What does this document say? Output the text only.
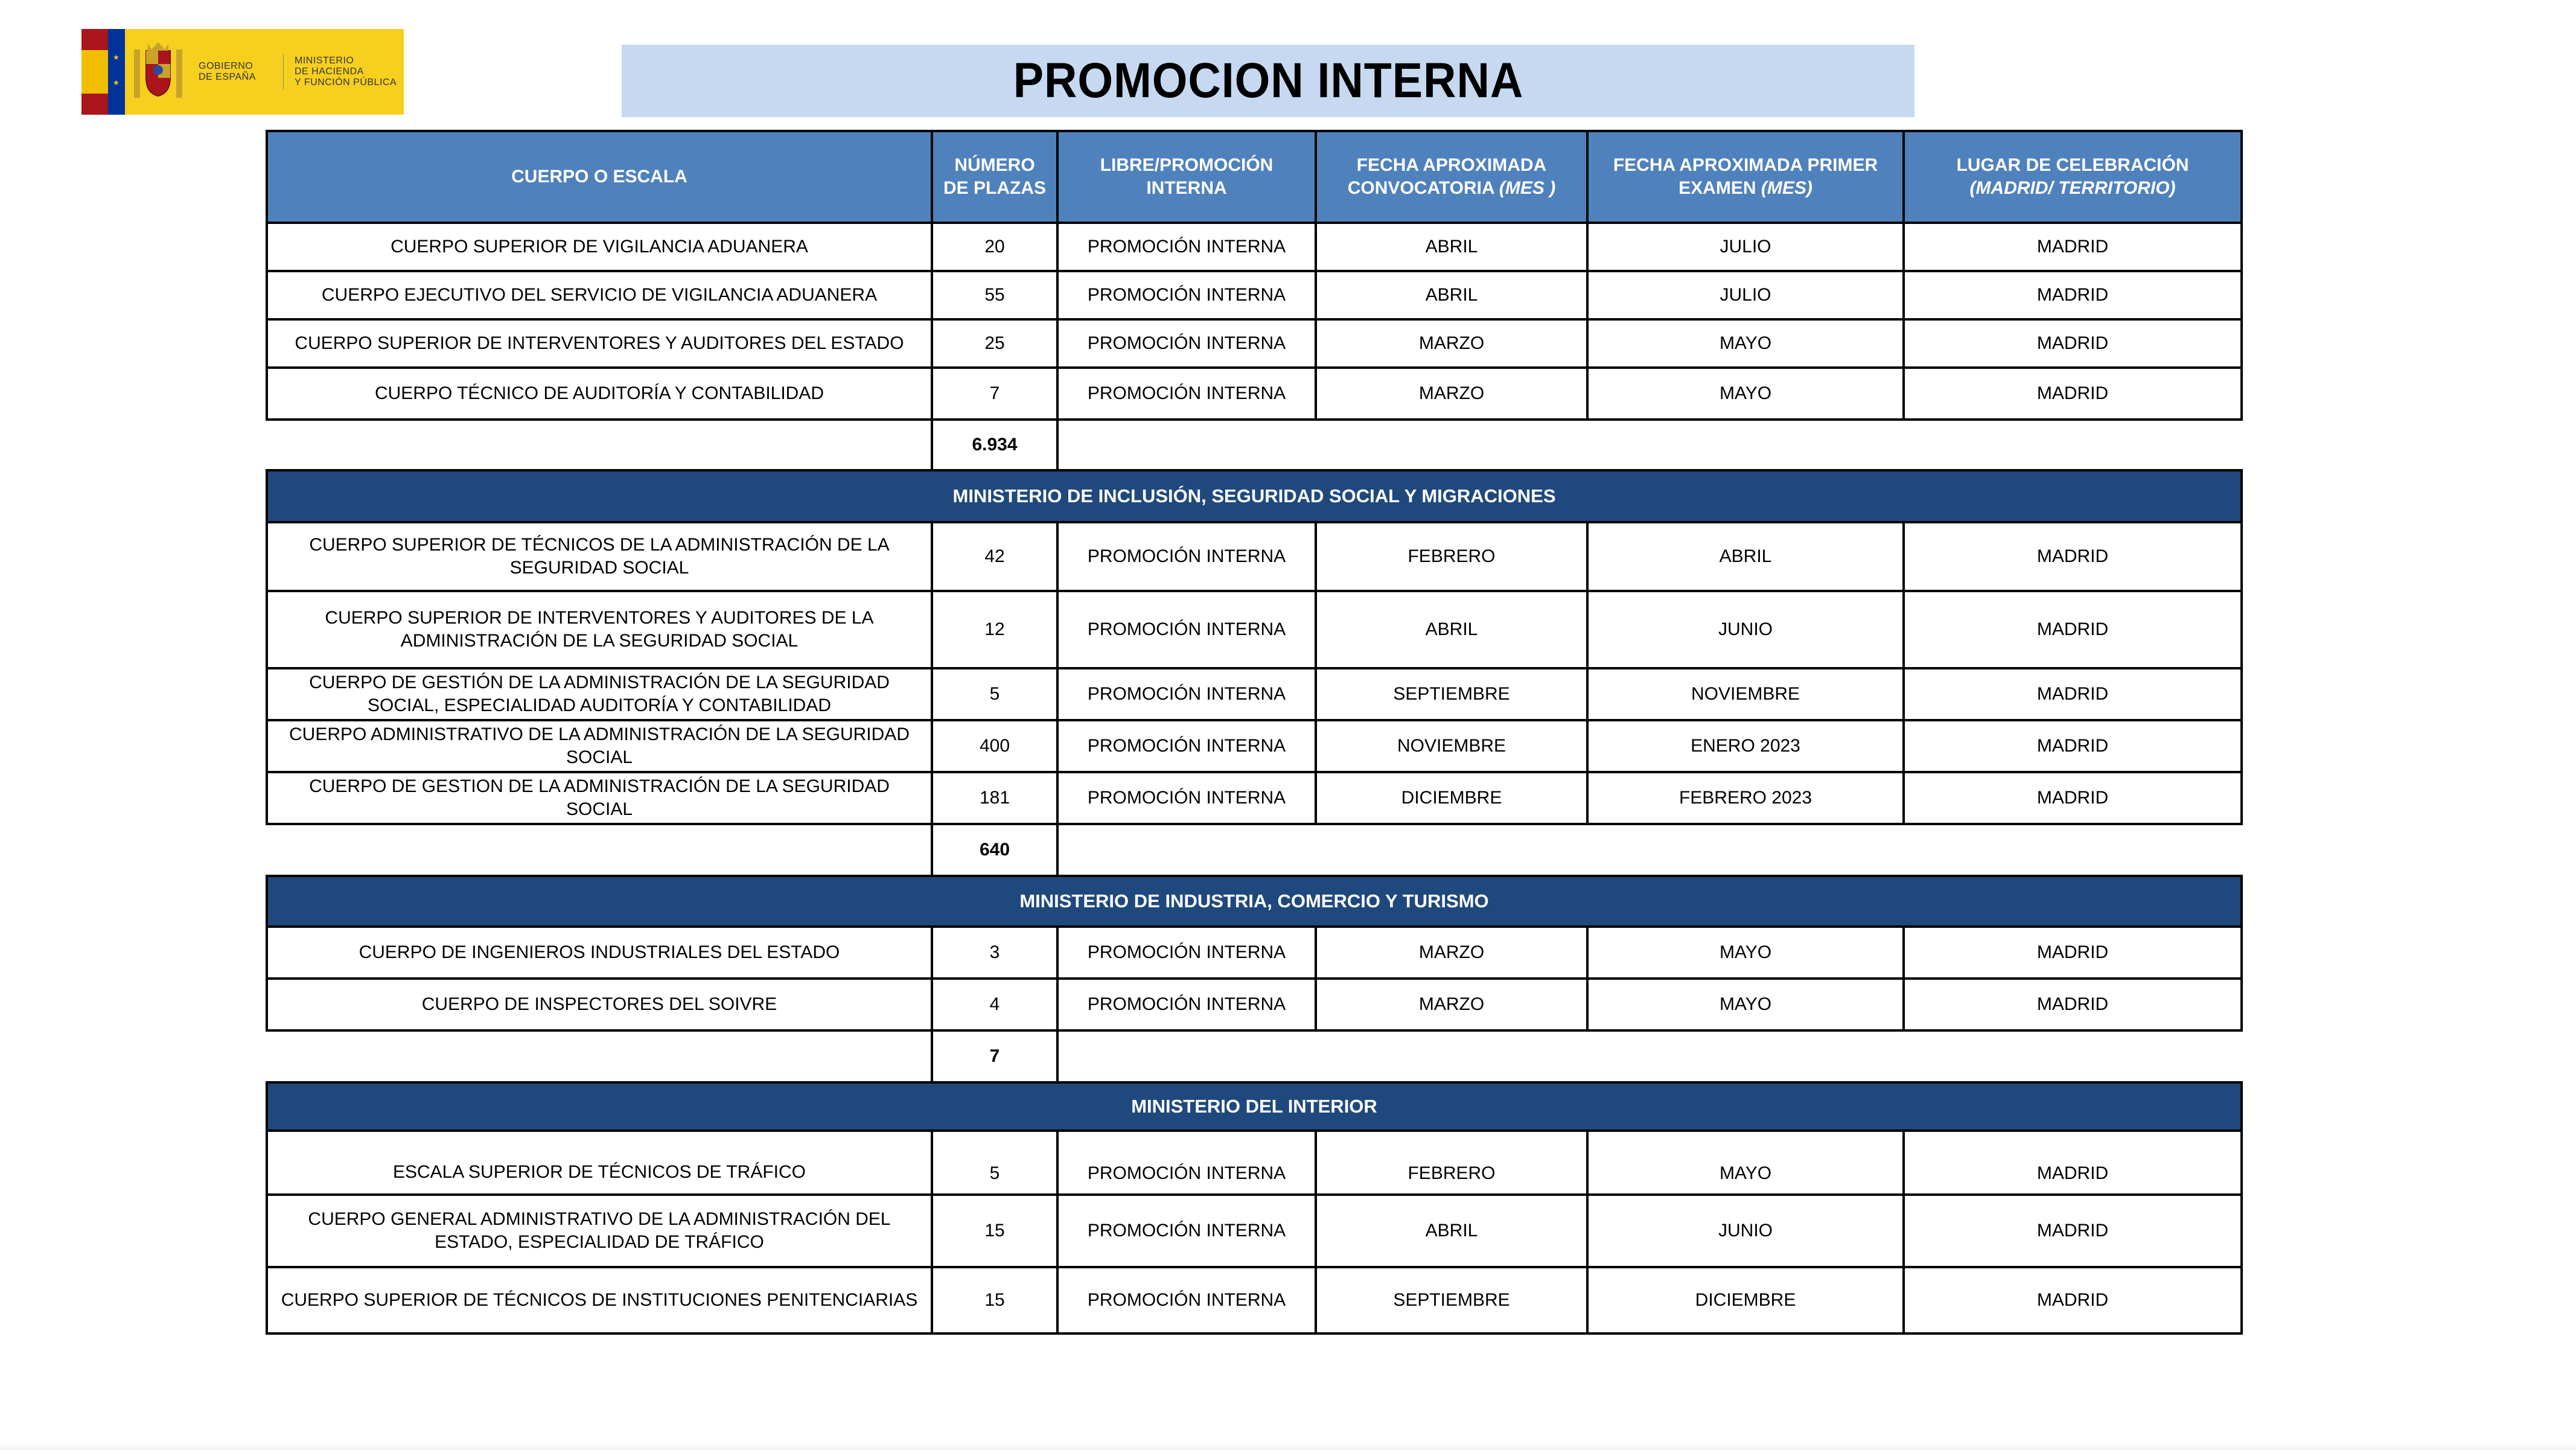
★ ★
GOBIERNO
DE ESPAÑA
MINISTERIO
DE HACIENDA
Y FUNCIÓN PÚBLICA	PROMOCION INTERNA
CUERPO O ESCALA	NÚMERO DE PLAZAS	LIBRE/PROMOCIÓN INTERNA	FECHA APROXIMADA CONVOCATORIA (MES )	FECHA APROXIMADA PRIMER EXAMEN (MES)	LUGAR DE CELEBRACIÓN (MADRID/ TERRITORIO)
CUERPO SUPERIOR DE VIGILANCIA ADUANERA	20	PROMOCIÓN INTERNA	ABRIL	JULIO	MADRID
CUERPO EJECUTIVO DEL SERVICIO DE VIGILANCIA ADUANERA	55	PROMOCIÓN INTERNA	ABRIL	JULIO	MADRID
CUERPO SUPERIOR DE INTERVENTORES Y AUDITORES DEL ESTADO	25	PROMOCIÓN INTERNA	MARZO	MAYO	MADRID
CUERPO TÉCNICO DE AUDITORÍA Y CONTABILIDAD	7	PROMOCIÓN INTERNA	MARZO	MAYO	MADRID
	6.934				
MINISTERIO DE INCLUSIÓN, SEGURIDAD SOCIAL Y MIGRACIONES					
CUERPO SUPERIOR DE TÉCNICOS DE LA ADMINISTRACIÓN DE LA SEGURIDAD SOCIAL	42	PROMOCIÓN INTERNA	FEBRERO	ABRIL	MADRID
CUERPO SUPERIOR DE INTERVENTORES Y AUDITORES DE LA ADMINISTRACIÓN DE LA SEGURIDAD SOCIAL	12	PROMOCIÓN INTERNA	ABRIL	JUNIO	MADRID
CUERPO DE GESTIÓN DE LA ADMINISTRACIÓN DE LA SEGURIDAD SOCIAL, ESPECIALIDAD AUDITORÍA Y CONTABILIDAD	5	PROMOCIÓN INTERNA	SEPTIEMBRE	NOVIEMBRE	MADRID
CUERPO ADMINISTRATIVO DE LA ADMINISTRACIÓN DE LA SEGURIDAD SOCIAL	400	PROMOCIÓN INTERNA	NOVIEMBRE	ENERO 2023	MADRID
CUERPO DE GESTION DE LA ADMINISTRACIÓN DE LA SEGURIDAD SOCIAL	181	PROMOCIÓN INTERNA	DICIEMBRE	FEBRERO 2023	MADRID
	640				
MINISTERIO DE INDUSTRIA, COMERCIO Y TURISMO					
CUERPO DE INGENIEROS INDUSTRIALES DEL ESTADO	3	PROMOCIÓN INTERNA	MARZO	MAYO	MADRID
CUERPO DE INSPECTORES DEL SOIVRE	4	PROMOCIÓN INTERNA	MARZO	MAYO	MADRID
	7				
MINISTERIO DEL INTERIOR					
ESCALA SUPERIOR DE TÉCNICOS DE TRÁFICO	5	PROMOCIÓN INTERNA	FEBRERO	MAYO	MADRID
CUERPO GENERAL ADMINISTRATIVO DE LA ADMINISTRACIÓN DEL ESTADO, ESPECIALIDAD DE TRÁFICO	15	PROMOCIÓN INTERNA	ABRIL	JUNIO	MADRID
CUERPO SUPERIOR DE TÉCNICOS DE INSTITUCIONES PENITENCIARIAS	15	PROMOCIÓN INTERNA	SEPTIEMBRE	DICIEMBRE	MADRID
